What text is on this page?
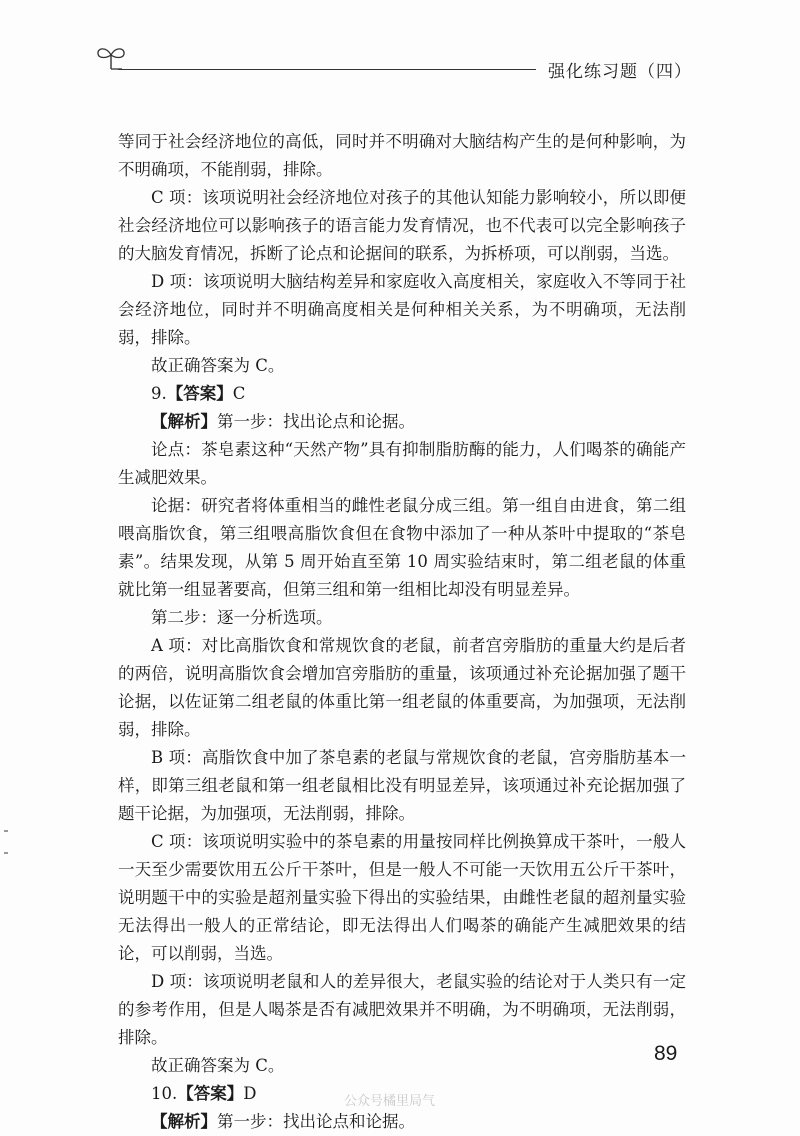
强化练习题（四）

等同于社会经济地位的高低，同时并不明确对大脑结构产生的是何种影响，为不明确项，不能削弱，排除。

C 项：该项说明社会经济地位对孩子的其他认知能力影响较小，所以即便社会经济地位可以影响孩子的语言能力发育情况，也不代表可以完全影响孩子的大脑发育情况，拆断了论点和论据间的联系，为拆桥项，可以削弱，当选。

D 项：该项说明大脑结构差异和家庭收入高度相关，家庭收入不等同于社会经济地位，同时并不明确高度相关是何种相关关系，为不明确项，无法削弱，排除。

故正确答案为 C。

9.【答案】C

【解析】第一步：找出论点和论据。

论点：茶皂素这种“天然产物”具有抑制脂肪酶的能力，人们喝茶的确能产生减肥效果。

论据：研究者将体重相当的雌性老鼠分成三组。第一组自由进食，第二组喂高脂饮食，第三组喂高脂饮食但在食物中添加了一种从茶叶中提取的“茶皂素”。结果发现，从第 5 周开始直至第 10 周实验结束时，第二组老鼠的体重就比第一组显著要高，但第三组和第一组相比却没有明显差异。

第二步：逐一分析选项。

A 项：对比高脂饮食和常规饮食的老鼠，前者宫旁脂肪的重量大约是后者的两倍，说明高脂饮食会增加宫旁脂肪的重量，该项通过补充论据加强了题干论据，以佐证第二组老鼠的体重比第一组老鼠的体重要高，为加强项，无法削弱，排除。

B 项：高脂饮食中加了茶皂素的老鼠与常规饮食的老鼠，宫旁脂肪基本一样，即第三组老鼠和第一组老鼠相比没有明显差异，该项通过补充论据加强了题干论据，为加强项，无法削弱，排除。

C 项：该项说明实验中的茶皂素的用量按同样比例换算成干茶叶，一般人一天至少需要饮用五公斤干茶叶，但是一般人不可能一天饮用五公斤干茶叶，说明题干中的实验是超剂量实验下得出的实验结果，由雌性老鼠的超剂量实验无法得出一般人的正常结论，即无法得出人们喝茶的确能产生减肥效果的结论，可以削弱，当选。

D 项：该项说明老鼠和人的差异很大，老鼠实验的结论对于人类只有一定的参考作用，但是人喝茶是否有减肥效果并不明确，为不明确项，无法削弱，排除。

故正确答案为 C。

10.【答案】D

【解析】第一步：找出论点和论据。

89
公众号橘里局气
